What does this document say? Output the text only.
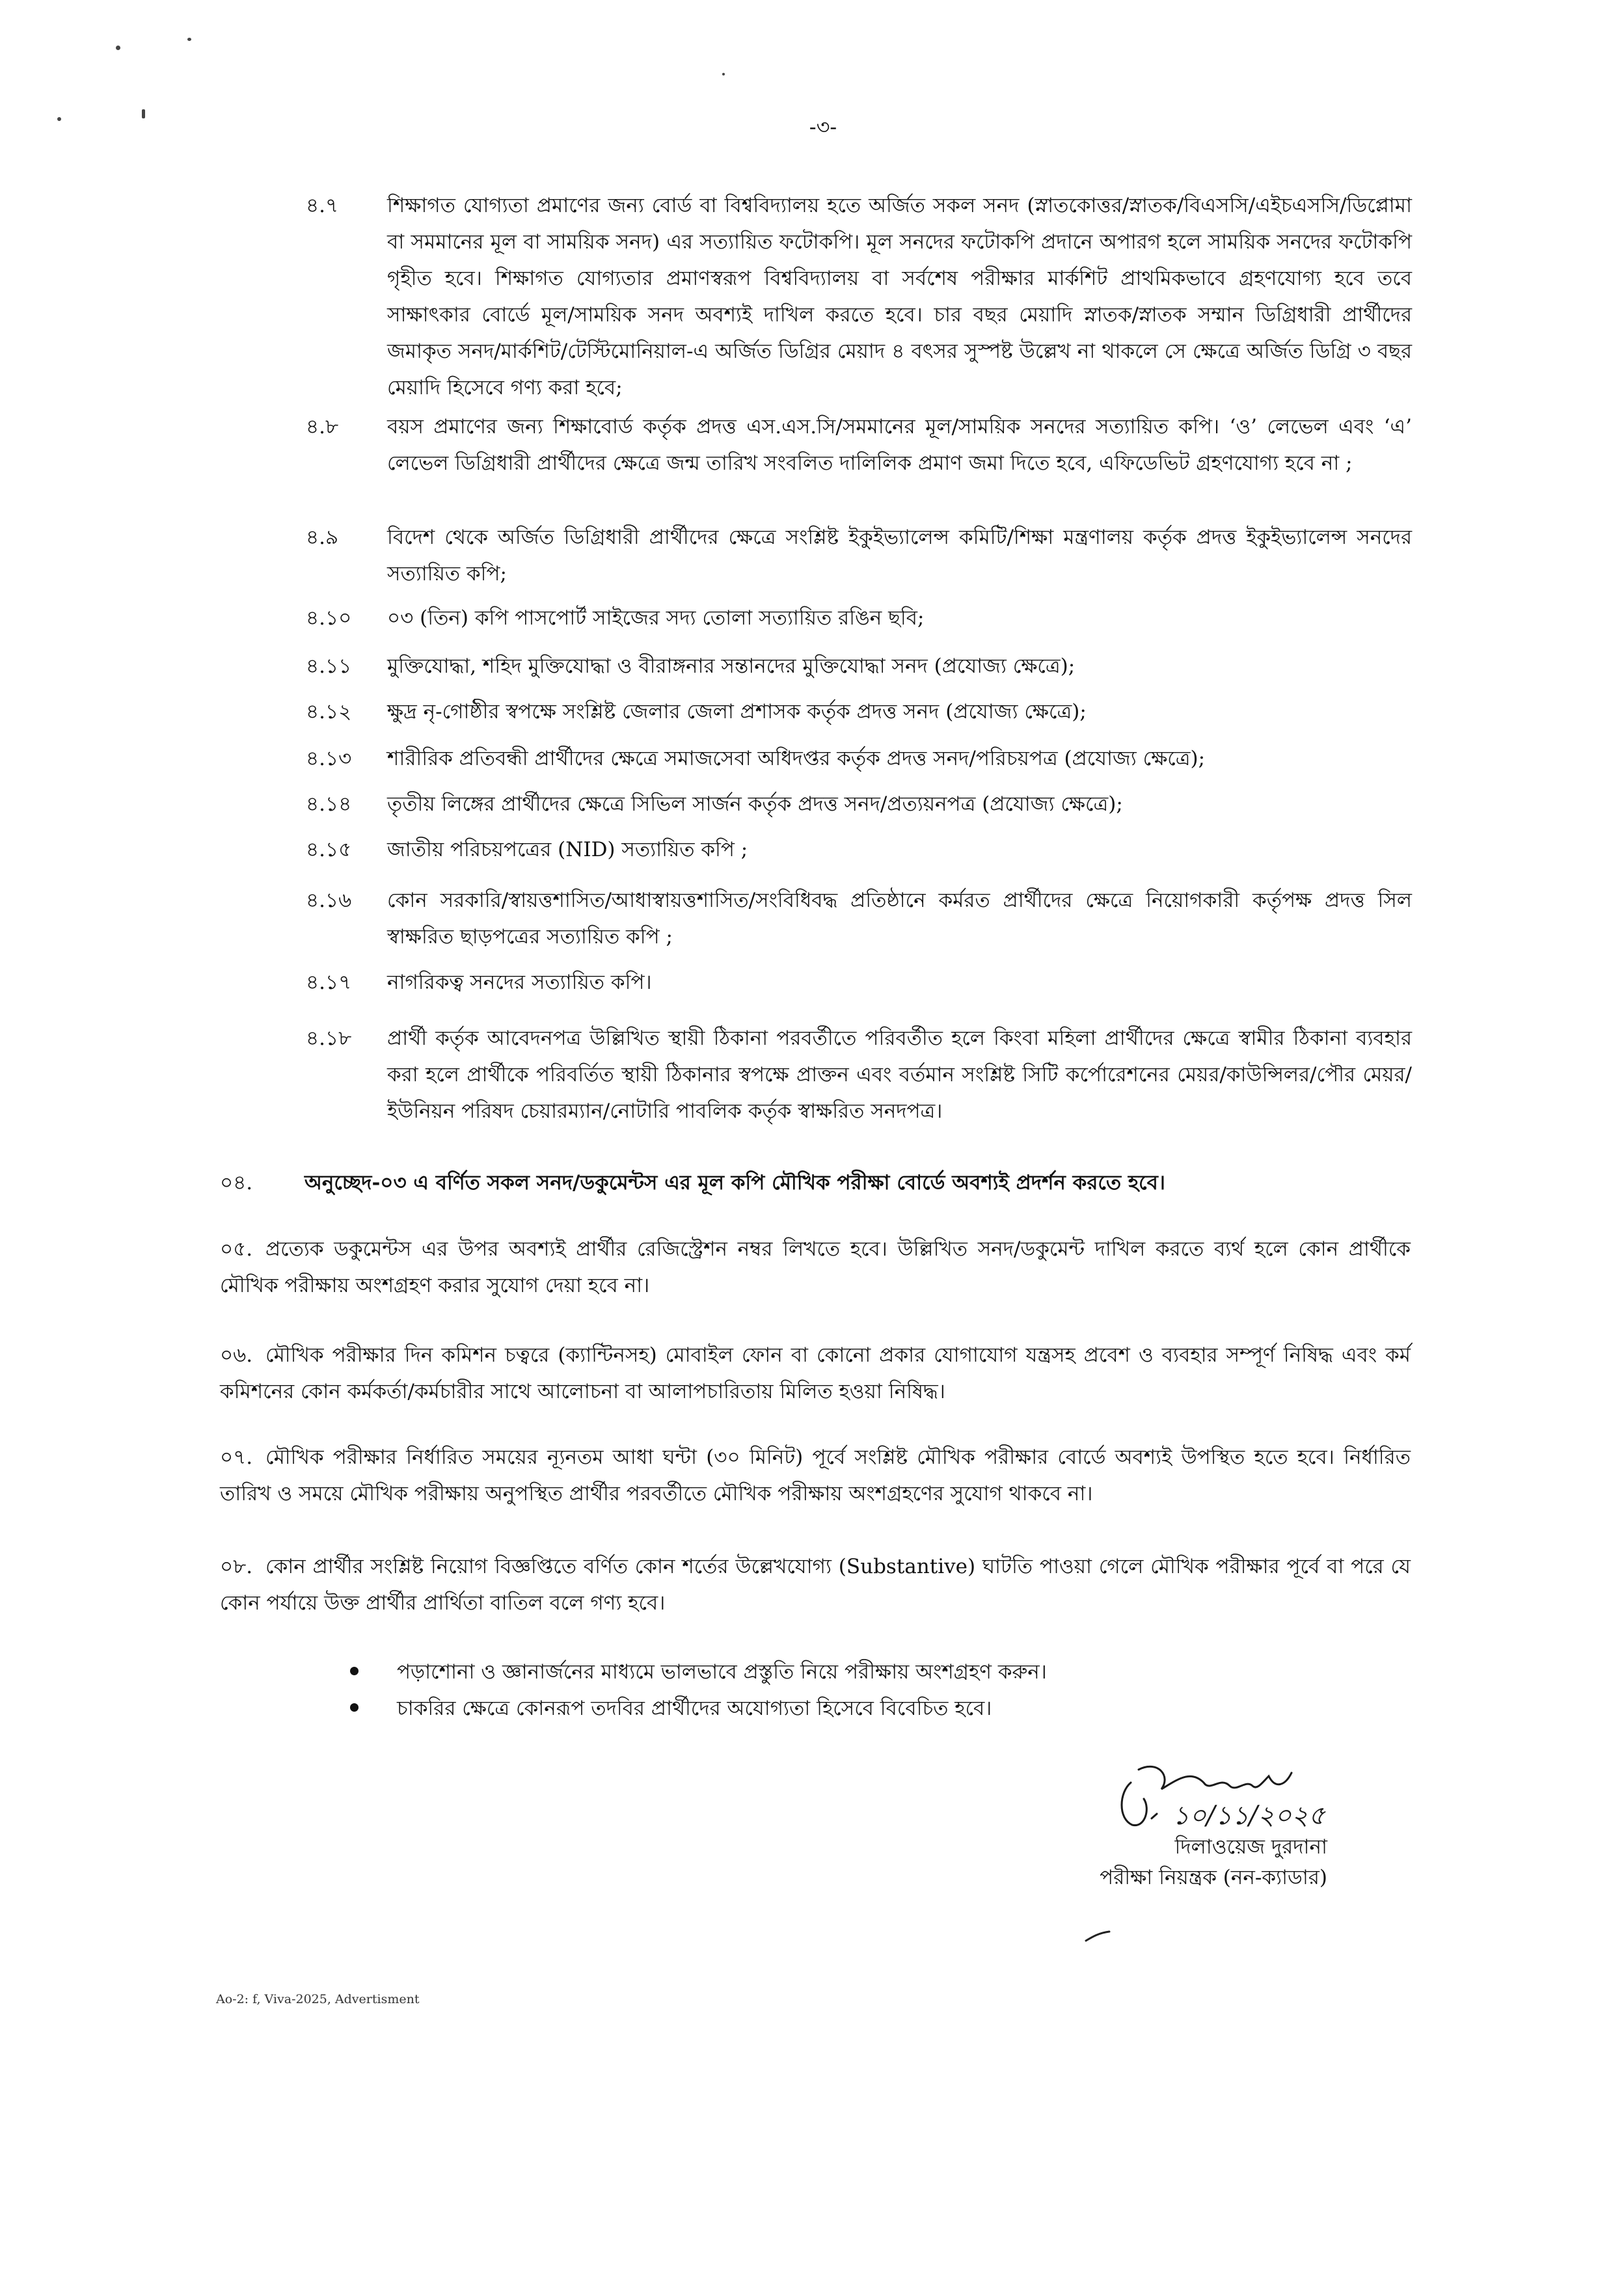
-৩-
৪.৭	শিক্ষাগত যোগ্যতা প্রমাণের জন্য বোর্ড বা বিশ্ববিদ্যালয় হতে অর্জিত সকল সনদ (স্নাতকোত্তর/স্নাতক/বিএসসি/এইচএসসি/ডিপ্লোমা বা সমমানের মূল বা সাময়িক সনদ) এর সত্যায়িত ফটোকপি। মূল সনদের ফটোকপি প্রদানে অপারগ হলে সাময়িক সনদের ফটোকপি গৃহীত হবে। শিক্ষাগত যোগ্যতার প্রমাণস্বরূপ বিশ্ববিদ্যালয় বা সর্বশেষ পরীক্ষার মার্কশিট প্রাথমিকভাবে গ্রহণযোগ্য হবে তবে সাক্ষাৎকার বোর্ডে মূল/সাময়িক সনদ অবশ্যই দাখিল করতে হবে। চার বছর মেয়াদি স্নাতক/স্নাতক সম্মান ডিগ্রিধারী প্রার্থীদের জমাকৃত সনদ/মার্কশিট/টেস্টিমোনিয়াল-এ অর্জিত ডিগ্রির মেয়াদ ৪ বৎসর সুস্পষ্ট উল্লেখ না থাকলে সে ক্ষেত্রে অর্জিত ডিগ্রি ৩ বছর মেয়াদি হিসেবে গণ্য করা হবে;
৪.৮	বয়স প্রমাণের জন্য শিক্ষাবোর্ড কর্তৃক প্রদত্ত এস.এস.সি/সমমানের মূল/সাময়িক সনদের সত্যায়িত কপি। ‘ও’ লেভেল এবং ‘এ’ লেভেল ডিগ্রিধারী প্রার্থীদের ক্ষেত্রে জন্ম তারিখ সংবলিত দালিলিক প্রমাণ জমা দিতে হবে, এফিডেভিট গ্রহণযোগ্য হবে না ;
৪.৯	বিদেশ থেকে অর্জিত ডিগ্রিধারী প্রার্থীদের ক্ষেত্রে সংশ্লিষ্ট ইকুইভ্যালেন্স কমিটি/শিক্ষা মন্ত্রণালয় কর্তৃক প্রদত্ত ইকুইভ্যালেন্স সনদের সত্যায়িত কপি;
৪.১০	০৩ (তিন) কপি পাসপোর্ট সাইজের সদ্য তোলা সত্যায়িত রঙিন ছবি;
৪.১১	মুক্তিযোদ্ধা, শহিদ মুক্তিযোদ্ধা ও বীরাঙ্গনার সন্তানদের মুক্তিযোদ্ধা সনদ (প্রযোজ্য ক্ষেত্রে);
৪.১২	ক্ষুদ্র নৃ-গোষ্ঠীর স্বপক্ষে সংশ্লিষ্ট জেলার জেলা প্রশাসক কর্তৃক প্রদত্ত সনদ (প্রযোজ্য ক্ষেত্রে);
৪.১৩	শারীরিক প্রতিবন্ধী প্রার্থীদের ক্ষেত্রে সমাজসেবা অধিদপ্তর কর্তৃক প্রদত্ত সনদ/পরিচয়পত্র (প্রযোজ্য ক্ষেত্রে);
৪.১৪	তৃতীয় লিঙ্গের প্রার্থীদের ক্ষেত্রে সিভিল সার্জন কর্তৃক প্রদত্ত সনদ/প্রত্যয়নপত্র (প্রযোজ্য ক্ষেত্রে);
৪.১৫	জাতীয় পরিচয়পত্রের (NID) সত্যায়িত কপি ;
৪.১৬	কোন সরকারি/স্বায়ত্তশাসিত/আধাস্বায়ত্তশাসিত/সংবিধিবদ্ধ প্রতিষ্ঠানে কর্মরত প্রার্থীদের ক্ষেত্রে নিয়োগকারী কর্তৃপক্ষ প্রদত্ত সিল স্বাক্ষরিত ছাড়পত্রের সত্যায়িত কপি ;
৪.১৭	নাগরিকত্ব সনদের সত্যায়িত কপি।
৪.১৮	প্রার্থী কর্তৃক আবেদনপত্র উল্লিখিত স্থায়ী ঠিকানা পরবর্তীতে পরিবর্তীত হলে কিংবা মহিলা প্রার্থীদের ক্ষেত্রে স্বামীর ঠিকানা ব্যবহার করা হলে প্রার্থীকে পরিবর্তিত স্থায়ী ঠিকানার স্বপক্ষে প্রাক্তন এবং বর্তমান সংশ্লিষ্ট সিটি কর্পোরেশনের মেয়র/কাউন্সিলর/পৌর মেয়র/ইউনিয়ন পরিষদ চেয়ারম্যান/নোটারি পাবলিক কর্তৃক স্বাক্ষরিত সনদপত্র।
০৪.	অনুচ্ছেদ-০৩ এ বর্ণিত সকল সনদ/ডকুমেন্টস এর মূল কপি মৌখিক পরীক্ষা বোর্ডে অবশ্যই প্রদর্শন করতে হবে।
০৫. প্রত্যেক ডকুমেন্টস এর উপর অবশ্যই প্রার্থীর রেজিস্ট্রেশন নম্বর লিখতে হবে। উল্লিখিত সনদ/ডকুমেন্ট দাখিল করতে ব্যর্থ হলে কোন প্রার্থীকে মৌখিক পরীক্ষায় অংশগ্রহণ করার সুযোগ দেয়া হবে না।
০৬. মৌখিক পরীক্ষার দিন কমিশন চত্বরে (ক্যান্টিনসহ) মোবাইল ফোন বা কোনো প্রকার যোগাযোগ যন্ত্রসহ প্রবেশ ও ব্যবহার সম্পূর্ণ নিষিদ্ধ এবং কর্ম কমিশনের কোন কর্মকর্তা/কর্মচারীর সাথে আলোচনা বা আলাপচারিতায় মিলিত হওয়া নিষিদ্ধ।
০৭. মৌখিক পরীক্ষার নির্ধারিত সময়ের ন্যূনতম আধা ঘন্টা (৩০ মিনিট) পূর্বে সংশ্লিষ্ট মৌখিক পরীক্ষার বোর্ডে অবশ্যই উপস্থিত হতে হবে। নির্ধারিত তারিখ ও সময়ে মৌখিক পরীক্ষায় অনুপস্থিত প্রার্থীর পরবর্তীতে মৌখিক পরীক্ষায় অংশগ্রহণের সুযোগ থাকবে না।
০৮. কোন প্রার্থীর সংশ্লিষ্ট নিয়োগ বিজ্ঞপ্তিতে বর্ণিত কোন শর্তের উল্লেখযোগ্য (Substantive) ঘাটতি পাওয়া গেলে মৌখিক পরীক্ষার পূর্বে বা পরে যে কোন পর্যায়ে উক্ত প্রার্থীর প্রার্থিতা বাতিল বলে গণ্য হবে।
পড়াশোনা ও জ্ঞানার্জনের মাধ্যমে ভালভাবে প্রস্তুতি নিয়ে পরীক্ষায় অংশগ্রহণ করুন।
চাকরির ক্ষেত্রে কোনরূপ তদবির প্রার্থীদের অযোগ্যতা হিসেবে বিবেচিত হবে।
১০/১১/২০২৫
দিলাওয়েজ দুরদানা
পরীক্ষা নিয়ন্ত্রক (নন-ক্যাডার)
Ao-2: f, Viva-2025, Advertisment
